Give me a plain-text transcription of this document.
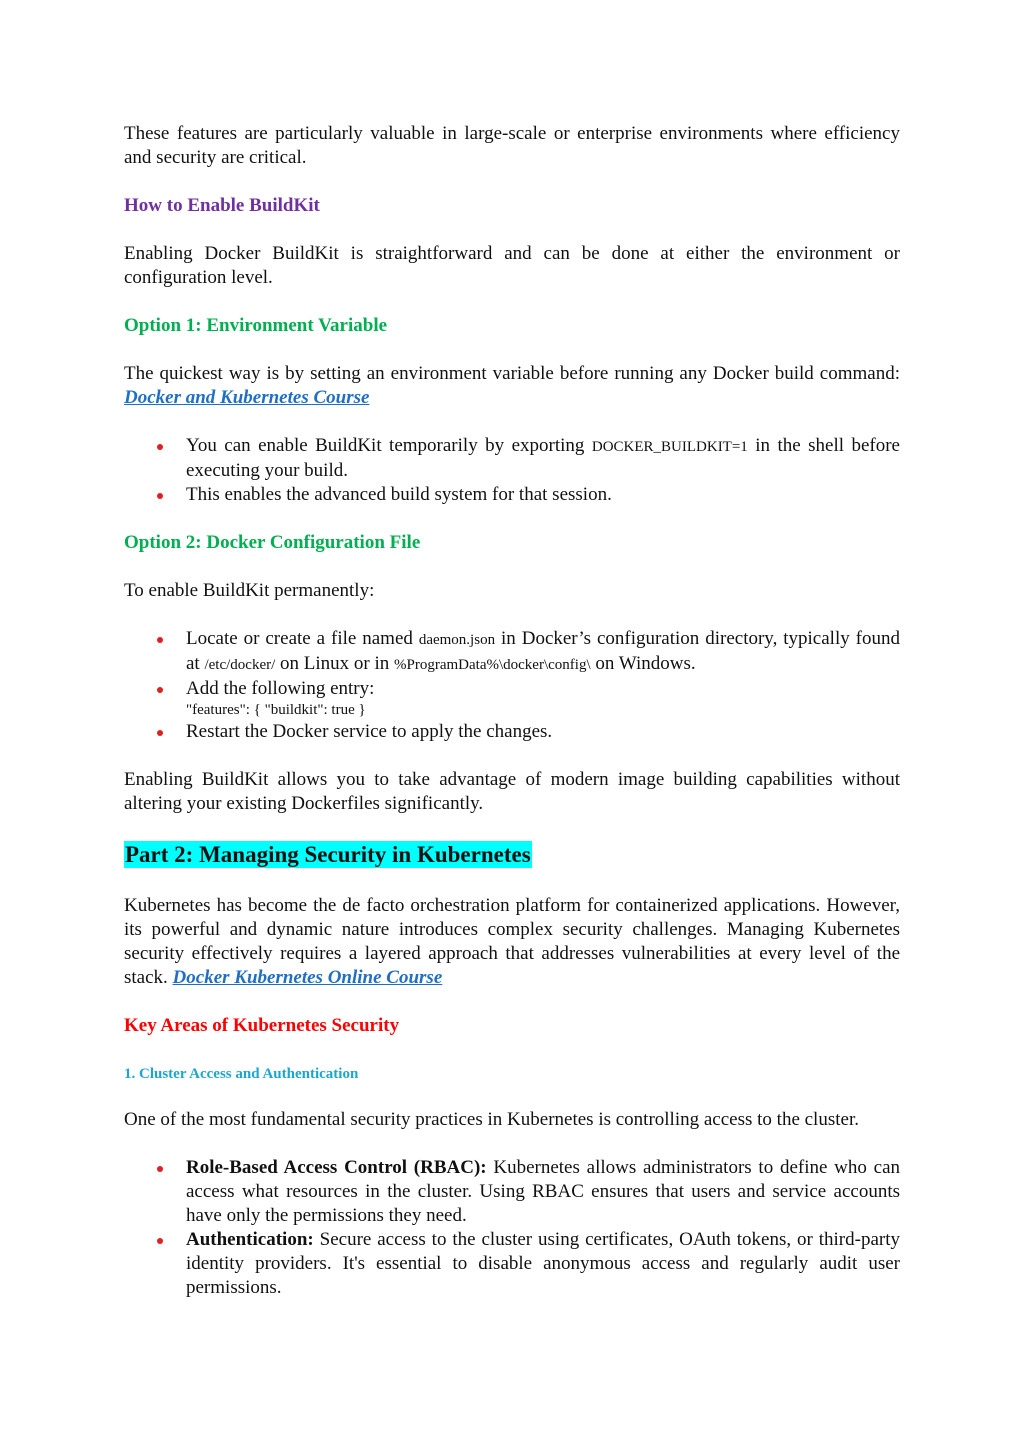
These features are particularly valuable in large-scale or enterprise environments where efficiency and security are critical.

How to Enable BuildKit

Enabling Docker BuildKit is straightforward and can be done at either the environment or configuration level.

Option 1: Environment Variable

The quickest way is by setting an environment variable before running any Docker build command: Docker and Kubernetes Course

You can enable BuildKit temporarily by exporting DOCKER_BUILDKIT=1 in the shell before executing your build.
This enables the advanced build system for that session.
Option 2: Docker Configuration File

To enable BuildKit permanently:

Locate or create a file named daemon.json in Docker’s configuration directory, typically found at /etc/docker/ on Linux or in %ProgramData%\docker\config\ on Windows.
Add the following entry:
"features": { "buildkit": true }
Restart the Docker service to apply the changes.

Enabling BuildKit allows you to take advantage of modern image building capabilities without altering your existing Dockerfiles significantly.

Part 2: Managing Security in Kubernetes

Kubernetes has become the de facto orchestration platform for containerized applications. However, its powerful and dynamic nature introduces complex security challenges. Managing Kubernetes security effectively requires a layered approach that addresses vulnerabilities at every level of the stack. Docker Kubernetes Online Course

Key Areas of Kubernetes Security
1. Cluster Access and Authentication

One of the most fundamental security practices in Kubernetes is controlling access to the cluster.

Role-Based Access Control (RBAC): Kubernetes allows administrators to define who can access what resources in the cluster. Using RBAC ensures that users and service accounts have only the permissions they need.
Authentication: Secure access to the cluster using certificates, OAuth tokens, or third-party identity providers. It's essential to disable anonymous access and regularly audit user permissions.
